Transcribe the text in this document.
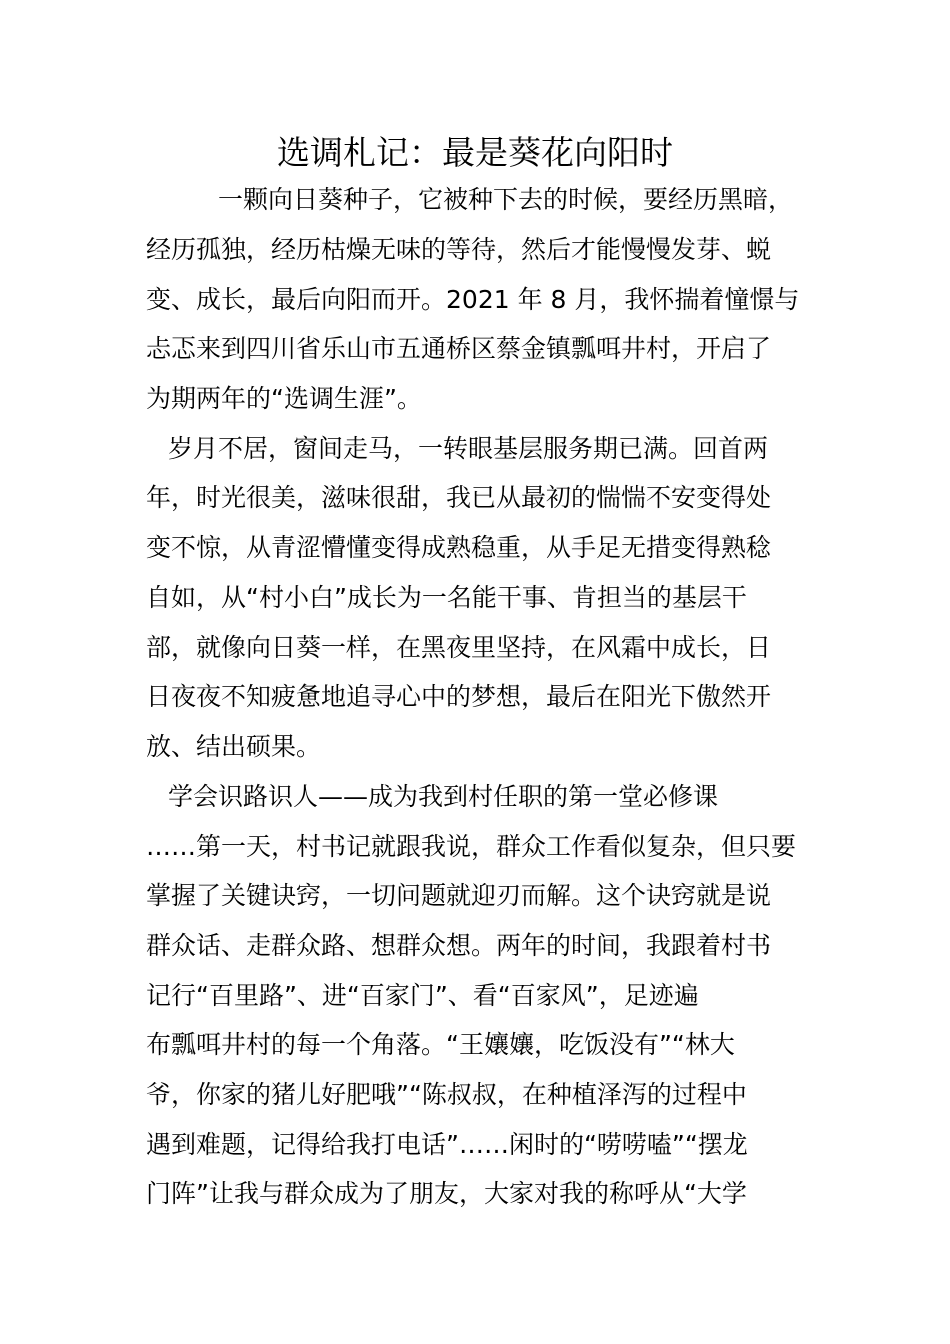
选调札记：最是葵花向阳时
一颗向日葵种子，它被种下去的时候，要经历黑暗，
经历孤独，经历枯燥无味的等待，然后才能慢慢发芽、蜕
变、成长，最后向阳而开。2021 年 8 月，我怀揣着憧憬与
忐忑来到四川省乐山市五通桥区蔡金镇瓢咡井村，开启了
为期两年的“选调生涯”。
岁月不居，窗间走马，一转眼基层服务期已满。回首两
年，时光很美，滋味很甜，我已从最初的惴惴不安变得处
变不惊，从青涩懵懂变得成熟稳重，从手足无措变得熟稔
自如，从“村小白”成长为一名能干事、肯担当的基层干
部，就像向日葵一样，在黑夜里坚持，在风霜中成长，日
日夜夜不知疲惫地追寻心中的梦想，最后在阳光下傲然开
放、结出硕果。
学会识路识人——成为我到村任职的第一堂必修课
……第一天，村书记就跟我说，群众工作看似复杂，但只要
掌握了关键诀窍，一切问题就迎刃而解。这个诀窍就是说
群众话、走群众路、想群众想。两年的时间，我跟着村书
记行“百里路”、进“百家门”、看“百家风”，足迹遍
布瓢咡井村的每一个角落。“王孃孃，吃饭没有”“林大
爷，你家的猪儿好肥哦”“陈叔叔，在种植泽泻的过程中
遇到难题，记得给我打电话”……闲时的“唠唠嗑”“摆龙
门阵”让我与群众成为了朋友，大家对我的称呼从“大学
